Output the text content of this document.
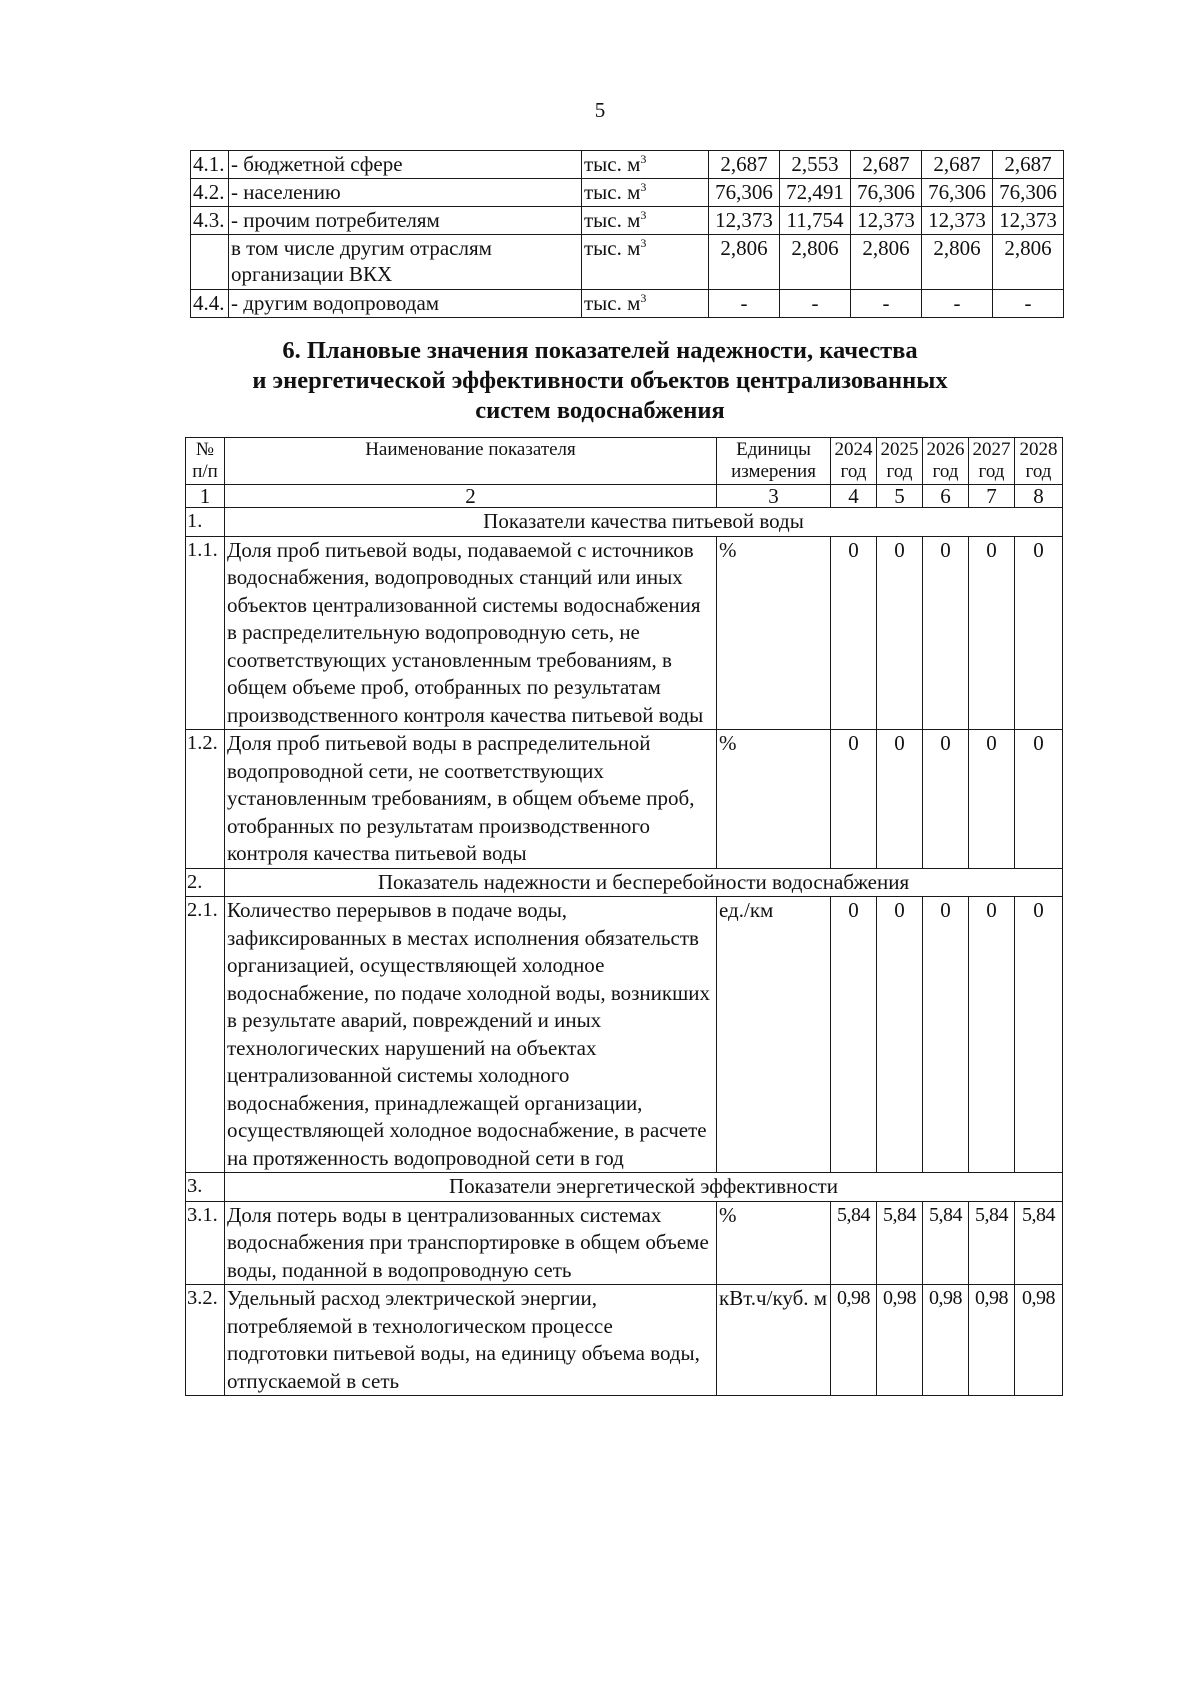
5
4.1.	- бюджетной сфере	тыс. $м^3$	2,687	2,553	2,687	2,687	2,687
4.2.	- населению	тыс. $м^3$	76,306	72,491	76,306	76,306	76,306
4.3.	- прочим потребителям	тыс. $м^3$	12,373	11,754	12,373	12,373	12,373
	в том числе другим отраслям организации ВКХ	тыс. $м^3$	2,806	2,806	2,806	2,806	2,806
4.4.	- другим водопроводам	тыс. $м^3$	-	-	-	-	-
6. Плановые значения показателей надежности, качества
и энергетической эффективности объектов централизованных
систем водоснабжения
№ п/п	Наименование показателя	Единицы измерения	2024 год	2025 год	2026 год	2027 год	2028 год
1	2	3	4	5	6	7	8
1.	Показатели качества питьевой воды						
1.1.	Доля проб питьевой воды, подаваемой с источников водоснабжения, водопроводных станций или иных объектов централизованной системы водоснабжения в распределительную водопроводную сеть, не соответствующих установленным требованиям, в общем объеме проб, отобранных по результатам производственного контроля качества питьевой воды	%	0	0	0	0	0
1.2.	Доля проб питьевой воды в распределительной водопроводной сети, не соответствующих установленным требованиям, в общем объеме проб, отобранных по результатам производственного контроля качества питьевой воды	%	0	0	0	0	0
2.	Показатель надежности и бесперебойности водоснабжения						
2.1.	Количество перерывов в подаче воды, зафиксированных в местах исполнения обязательств организацией, осуществляющей холодное водоснабжение, по подаче холодной воды, возникших в результате аварий, повреждений и иных технологических нарушений на объектах централизованной системы холодного водоснабжения, принадлежащей организации, осуществляющей холодное водоснабжение, в расчете на протяженность водопроводной сети в год	ед./км	0	0	0	0	0
3.	Показатели энергетической эффективности						
3.1.	Доля потерь воды в централизованных системах водоснабжения при транспортировке в общем объеме воды, поданной в водопроводную сеть	%	5,84	5,84	5,84	5,84	5,84
3.2.	Удельный расход электрической энергии, потребляемой в технологическом процессе подготовки питьевой воды, на единицу объема воды, отпускаемой в сеть	кВт.ч/куб. м	0,98	0,98	0,98	0,98	0,98
